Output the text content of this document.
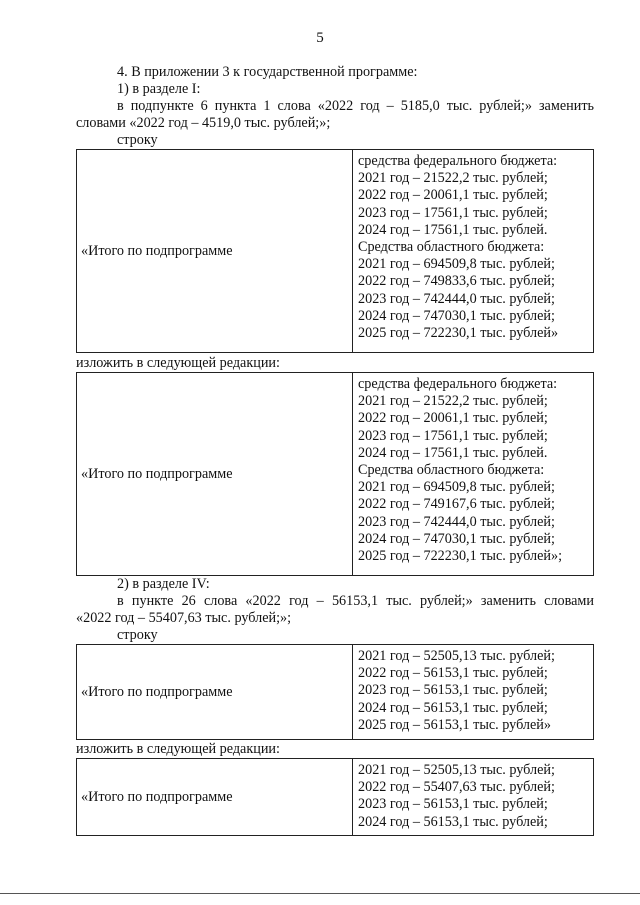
5
4. В приложении 3 к государственной программе:
1) в разделе I:
в подпункте 6 пункта 1 слова «2022 год – 5185,0 тыс. рублей;» заменить
словами «2022 год – 4519,0 тыс. рублей;»;
строку
«Итого по подпрограмме
средства федерального бюджета:
2021 год – 21522,2 тыс. рублей;
2022 год – 20061,1 тыс. рублей;
2023 год – 17561,1 тыс. рублей;
2024 год – 17561,1 тыс. рублей.
Средства областного бюджета:
2021 год – 694509,8 тыс. рублей;
2022 год – 749833,6 тыс. рублей;
2023 год – 742444,0 тыс. рублей;
2024 год – 747030,1 тыс. рублей;
2025 год – 722230,1 тыс. рублей»
изложить в следующей редакции:
«Итого по подпрограмме
средства федерального бюджета:
2021 год – 21522,2 тыс. рублей;
2022 год – 20061,1 тыс. рублей;
2023 год – 17561,1 тыс. рублей;
2024 год – 17561,1 тыс. рублей.
Средства областного бюджета:
2021 год – 694509,8 тыс. рублей;
2022 год – 749167,6 тыс. рублей;
2023 год – 742444,0 тыс. рублей;
2024 год – 747030,1 тыс. рублей;
2025 год – 722230,1 тыс. рублей»;
2) в разделе IV:
в пункте 26 слова «2022 год – 56153,1 тыс. рублей;» заменить словами
«2022 год – 55407,63 тыс. рублей;»;
строку
«Итого по подпрограмме
2021 год – 52505,13 тыс. рублей;
2022 год – 56153,1 тыс. рублей;
2023 год – 56153,1 тыс. рублей;
2024 год – 56153,1 тыс. рублей;
2025 год – 56153,1 тыс. рублей»
изложить в следующей редакции:
«Итого по подпрограмме
2021 год – 52505,13 тыс. рублей;
2022 год – 55407,63 тыс. рублей;
2023 год – 56153,1 тыс. рублей;
2024 год – 56153,1 тыс. рублей;
